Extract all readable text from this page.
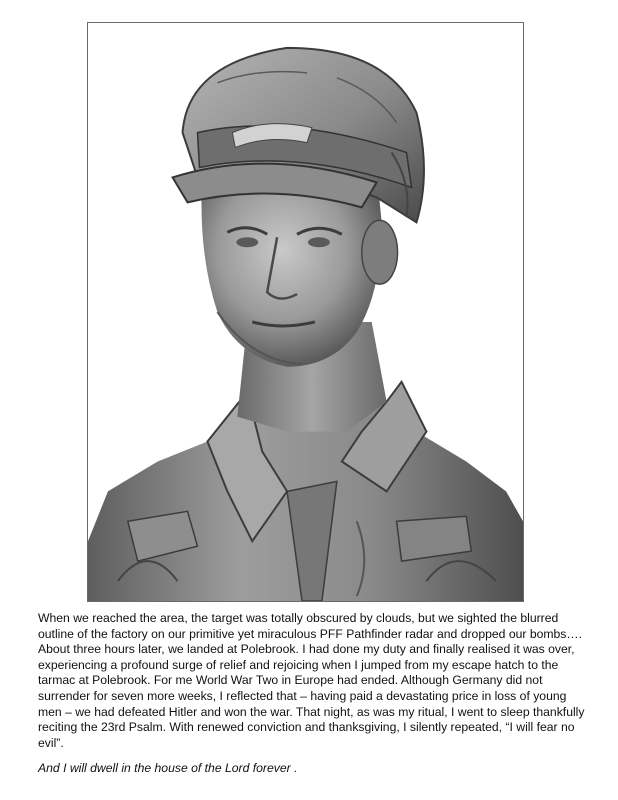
When we reached the area, the target was totally obscured by clouds, but we sighted the blurred outline of the factory on our primitive yet miraculous PFF Pathfinder radar and dropped our bombs…. About three hours later, we landed at Polebrook. I had done my duty and finally realised it was over, experiencing a profound surge of relief and rejoicing when I jumped from my escape hatch to the tarmac at Polebrook. For me World War Two in Europe had ended. Although Germany did not surrender for seven more weeks, I reflected that – having paid a devastating price in loss of young men – we had defeated Hitler and won the war. That night, as was my ritual, I went to sleep thankfully reciting the 23rd Psalm. With renewed conviction and thanksgiving, I silently repeated, “I will fear no evil”.

And I will dwell in the house of the Lord forever .
